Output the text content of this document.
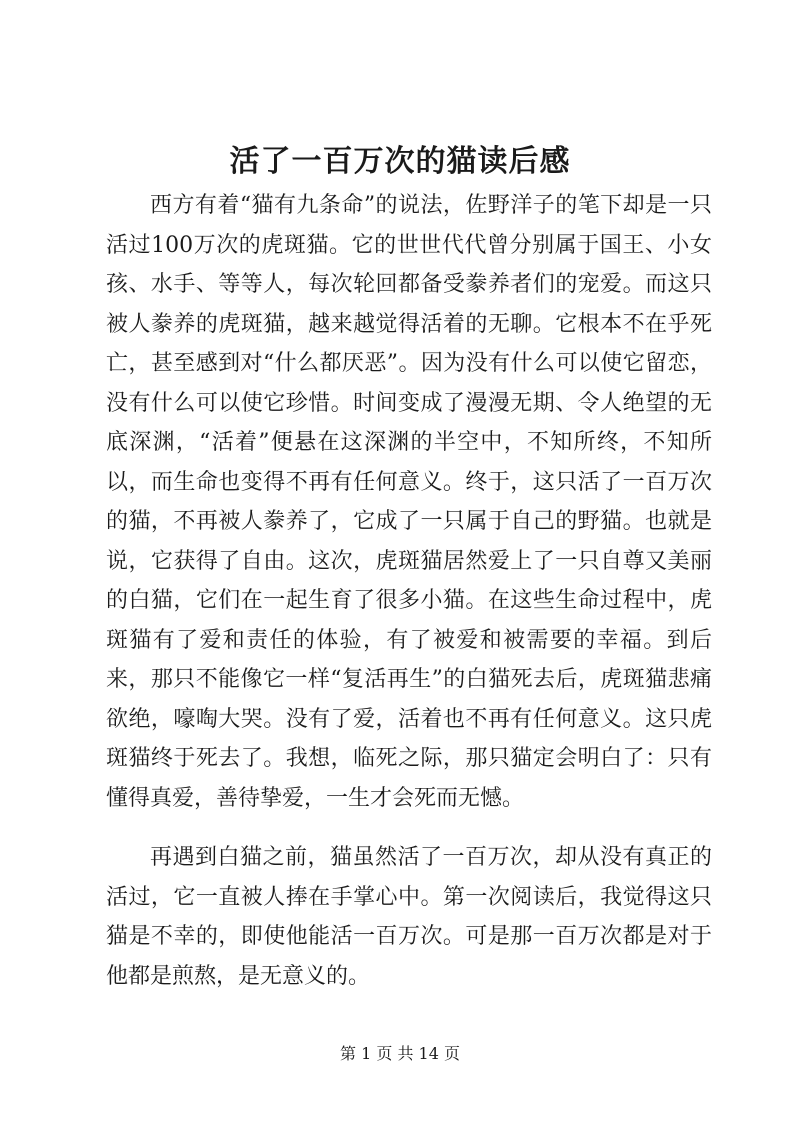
活了一百万次的猫读后感

西方有着“猫有九条命”的说法，佐野洋子的笔下却是一只活过100万次的虎斑猫。它的世世代代曾分别属于国王、小女孩、水手、等等人，每次轮回都备受豢养者们的宠爱。而这只被人豢养的虎斑猫，越来越觉得活着的无聊。它根本不在乎死亡，甚至感到对“什么都厌恶”。因为没有什么可以使它留恋，没有什么可以使它珍惜。时间变成了漫漫无期、令人绝望的无底深渊，“活着”便悬在这深渊的半空中，不知所终，不知所以，而生命也变得不再有任何意义。终于，这只活了一百万次的猫，不再被人豢养了，它成了一只属于自己的野猫。也就是说，它获得了自由。这次，虎斑猫居然爱上了一只自尊又美丽的白猫，它们在一起生育了很多小猫。在这些生命过程中，虎斑猫有了爱和责任的体验，有了被爱和被需要的幸福。到后来，那只不能像它一样“复活再生”的白猫死去后，虎斑猫悲痛欲绝，嚎啕大哭。没有了爱，活着也不再有任何意义。这只虎斑猫终于死去了。我想，临死之际，那只猫定会明白了：只有懂得真爱，善待挚爱，一生才会死而无憾。

再遇到白猫之前，猫虽然活了一百万次，却从没有真正的活过，它一直被人捧在手掌心中。第一次阅读后，我觉得这只猫是不幸的，即使他能活一百万次。可是那一百万次都是对于他都是煎熬，是无意义的。

第 1 页 共 14 页
